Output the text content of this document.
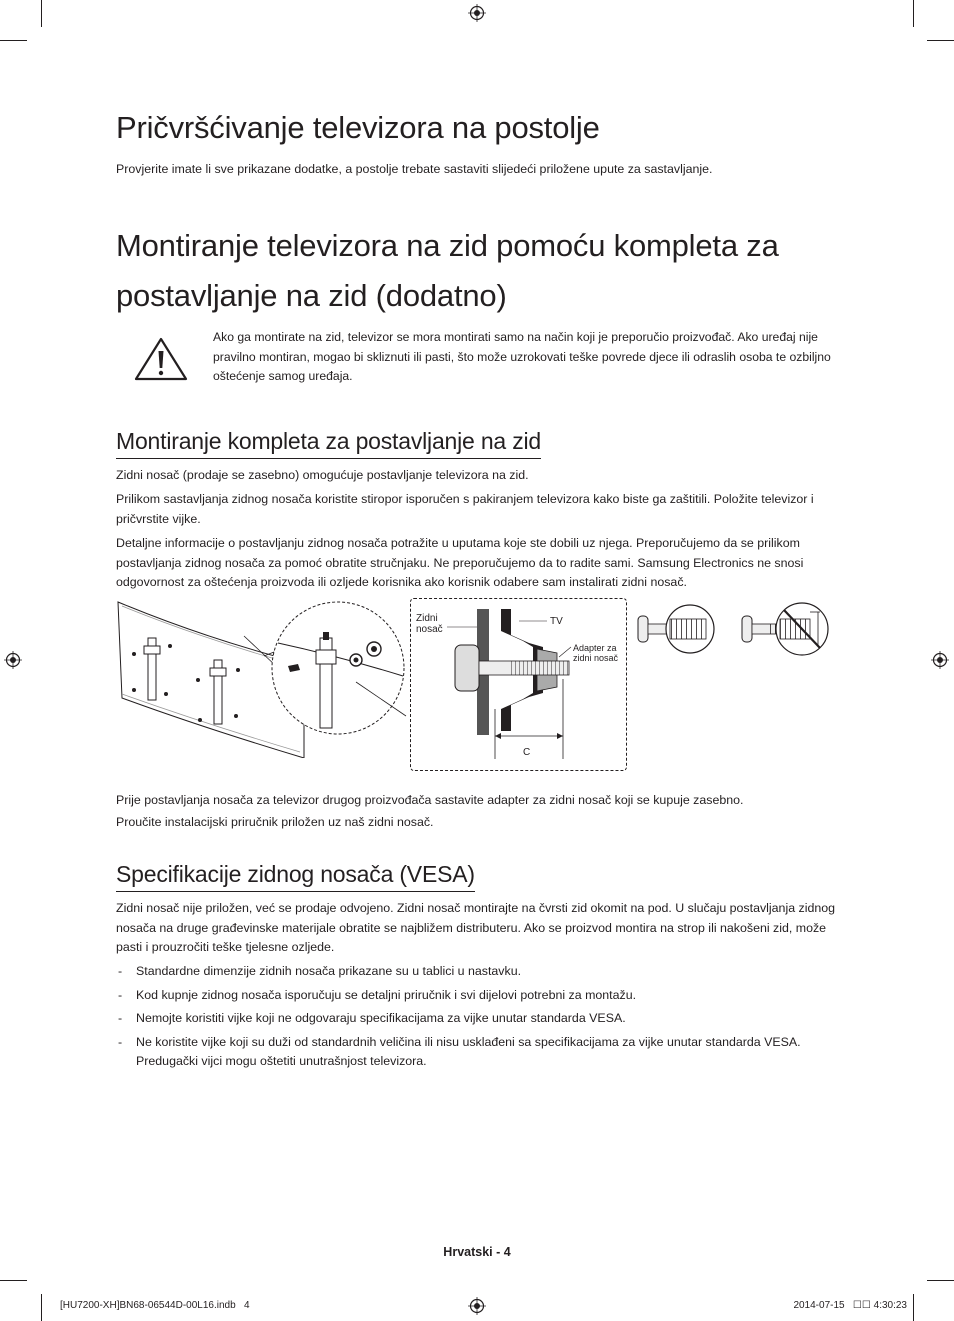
Pričvršćivanje televizora na postolje

Provjerite imate li sve prikazane dodatke, a postolje trebate sastaviti slijedeći priložene upute za sastavljanje.

Montiranje televizora na zid pomoću kompleta za
postavljanje na zid (dodatno)

Ako ga montirate na zid, televizor se mora montirati samo na način koji je preporučio proizvođač. Ako uređaj nije pravilno montiran, mogao bi skliznuti ili pasti, što može uzrokovati teške povrede djece ili odraslih osoba te ozbiljno oštećenje samog uređaja.

Montiranje kompleta za postavljanje na zid

Zidni nosač (prodaje se zasebno) omogućuje postavljanje televizora na zid.

Prilikom sastavljanja zidnog nosača koristite stiropor isporučen s pakiranjem televizora kako biste ga zaštitili. Položite televizor i pričvrstite vijke.

Detaljne informacije o postavljanju zidnog nosača potražite u uputama koje ste dobili uz njega. Preporučujemo da se prilikom postavljanja zidnog nosača za pomoć obratite stručnjaku. Ne preporučujemo da to radite sami. Samsung Electronics ne snosi odgovornost za oštećenja proizvoda ili ozljede korisnika ako korisnik odabere sam instalirati zidni nosač.

Zidni
nosač
TV
Adapter za
zidni nosač
C

Prije postavljanja nosača za televizor drugog proizvođača sastavite adapter za zidni nosač koji se kupuje zasebno.

Proučite instalacijski priručnik priložen uz naš zidni nosač.

Specifikacije zidnog nosača (VESA)

Zidni nosač nije priložen, već se prodaje odvojeno. Zidni nosač montirajte na čvrsti zid okomit na pod. U slučaju postavljanja zidnog nosača na druge građevinske materijale obratite se najbližem distributeru. Ako se proizvod montira na strop ili nakošeni zid, može pasti i prouzročiti teške tjelesne ozljede.

- Standardne dimenzije zidnih nosača prikazane su u tablici u nastavku.
- Kod kupnje zidnog nosača isporučuju se detaljni priručnik i svi dijelovi potrebni za montažu.
- Nemojte koristiti vijke koji ne odgovaraju specifikacijama za vijke unutar standarda VESA.
- Ne koristite vijke koji su duži od standardnih veličina ili nisu usklađeni sa specifikacijama za vijke unutar standarda VESA. Predugački vijci mogu oštetiti unutrašnjost televizora.
Hrvatski - 4
[HU7200-XH]BN68-06544D-00L16.indb   4	2014-07-15   ☐☐ 4:30:23
